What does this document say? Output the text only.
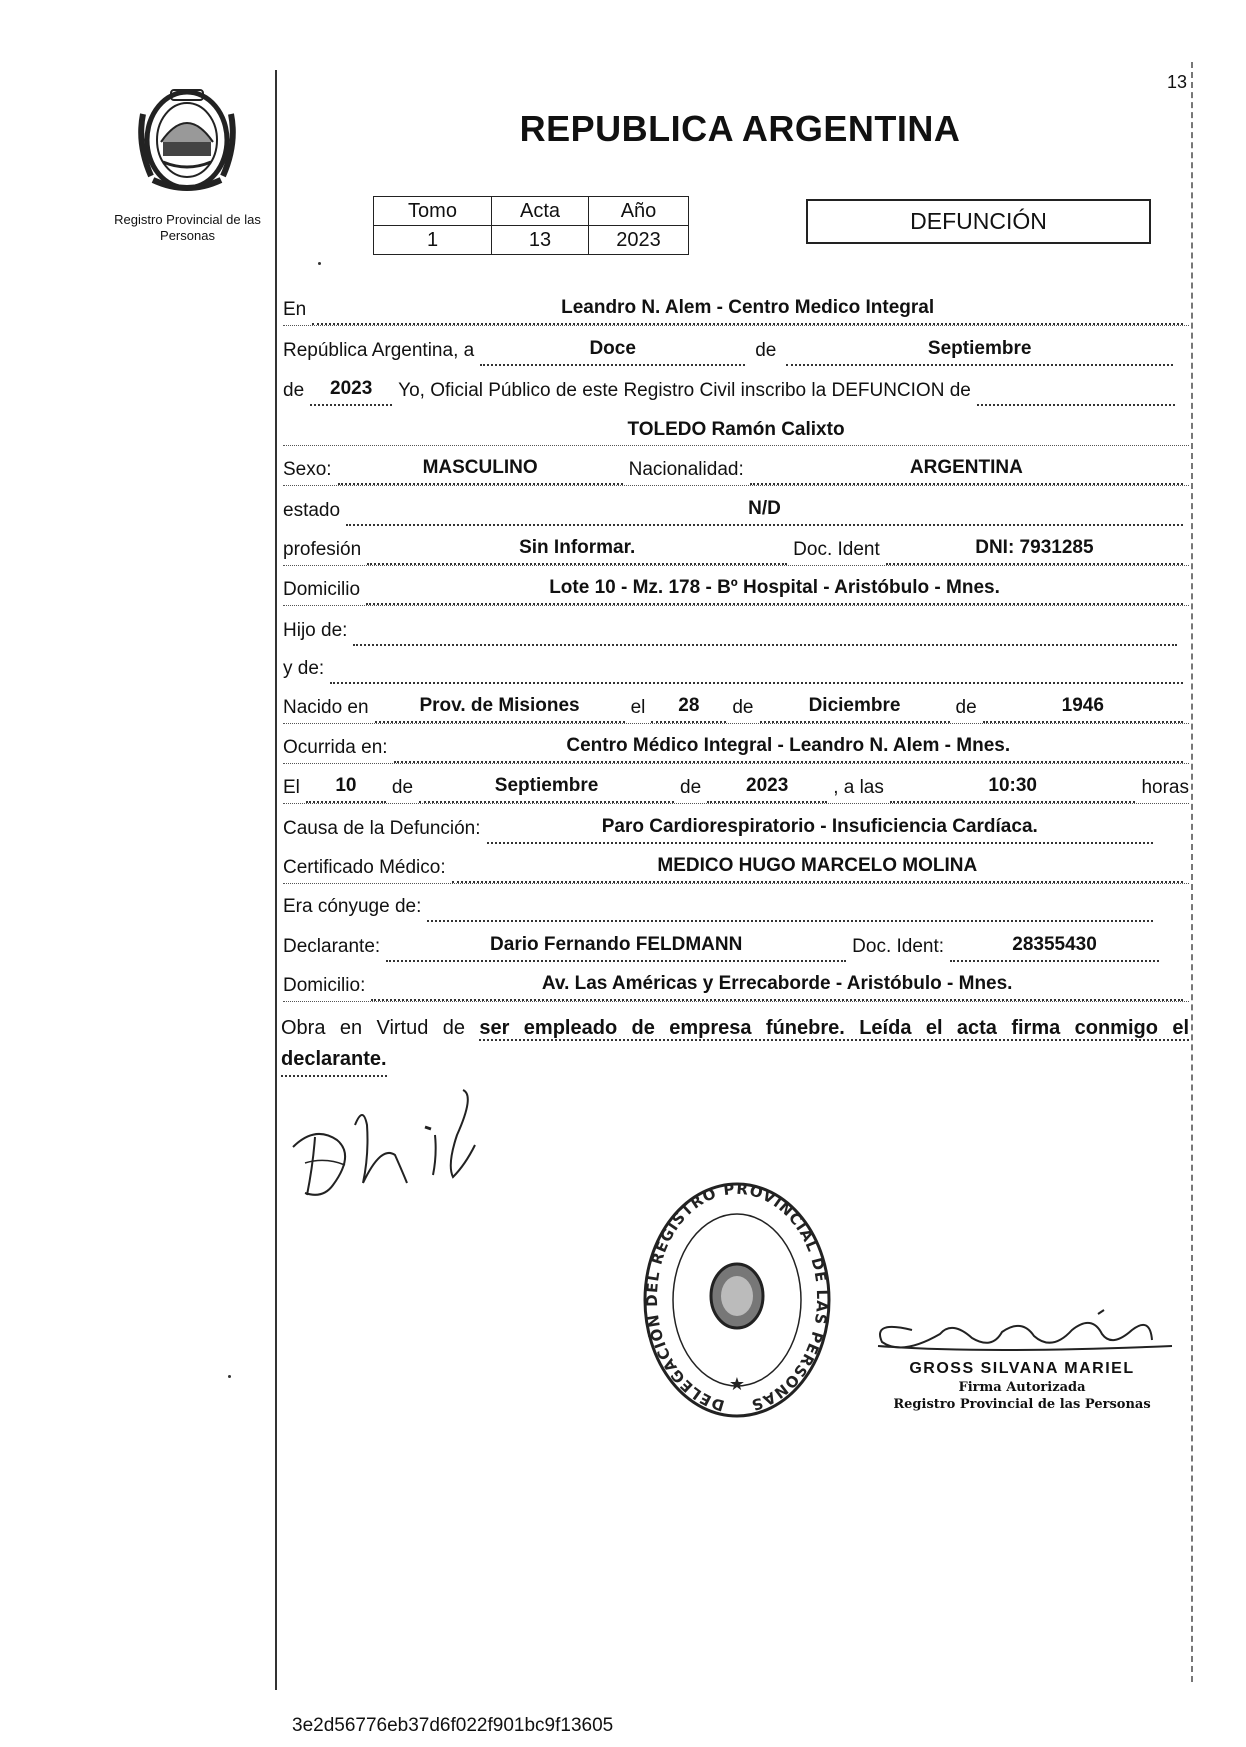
13
Registro Provincial de las Personas
REPUBLICA ARGENTINA
Tomo	Acta	Año
1	13	2023
DEFUNCIÓN
En	Leandro N. Alem - Centro Medico Integral
República Argentina, a	Doce	de	Septiembre
de	2023	Yo, Oficial Público de este Registro Civil inscribo la DEFUNCION de
TOLEDO Ramón Calixto
Sexo:	MASCULINO	Nacionalidad:	ARGENTINA
estado	N/D
profesión	Sin Informar.	Doc. Ident	DNI: 7931285
Domicilio	Lote 10 - Mz. 178 - Bº Hospital - Aristóbulo - Mnes.
Hijo de:
y de:
Nacido en	Prov. de Misiones	el	28	de	Diciembre	de	1946
Ocurrida en:	Centro Médico Integral - Leandro N. Alem - Mnes.
El	10	de	Septiembre	de	2023	, a las	10:30	horas
Causa de la Defunción:	Paro Cardiorespiratorio - Insuficiencia Cardíaca.
Certificado Médico:	MEDICO HUGO MARCELO MOLINA
Era cónyuge de:
Declarante:	Dario Fernando FELDMANN	Doc. Ident:	28355430
Domicilio:	Av. Las Américas y Errecaborde - Aristóbulo - Mnes.
Obra en Virtud de ser empleado de empresa fúnebre. Leída el acta firma conmigo el
declarante.
DELEGACIÓN DEL REGISTRO PROVINCIAL DE LAS PERSONAS
★
GROSS SILVANA MARIEL
Firma Autorizada
Registro Provincial de las Personas
3e2d56776eb37d6f022f901bc9f13605
